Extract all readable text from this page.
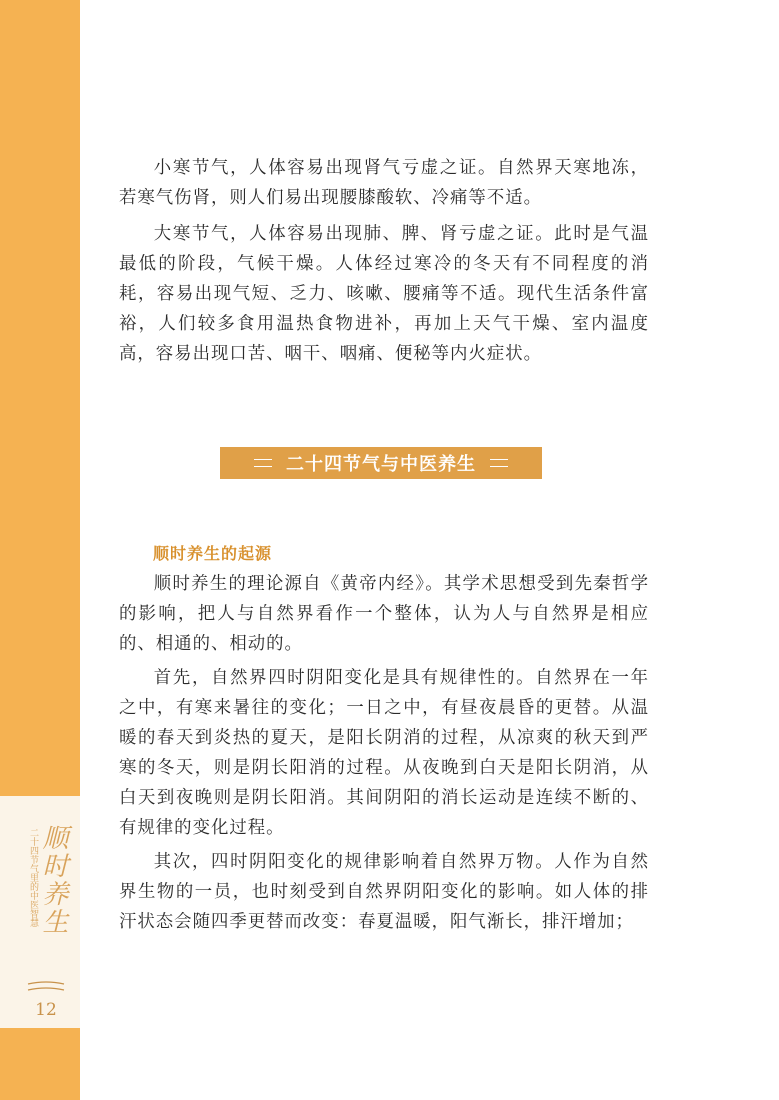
二十四节气里的中医智慧 顺时养生
12

小寒节气，人体容易出现肾气亏虚之证。自然界天寒地冻，若寒气伤肾，则人们易出现腰膝酸软、冷痛等不适。

大寒节气，人体容易出现肺、脾、肾亏虚之证。此时是气温最低的阶段，气候干燥。人体经过寒冷的冬天有不同程度的消耗，容易出现气短、乏力、咳嗽、腰痛等不适。现代生活条件富裕，人们较多食用温热食物进补，再加上天气干燥、室内温度高，容易出现口苦、咽干、咽痛、便秘等内火症状。

二十四节气与中医养生

顺时养生的起源

顺时养生的理论源自《黄帝内经》。其学术思想受到先秦哲学的影响，把人与自然界看作一个整体，认为人与自然界是相应的、相通的、相动的。

首先，自然界四时阴阳变化是具有规律性的。自然界在一年之中，有寒来暑往的变化；一日之中，有昼夜晨昏的更替。从温暖的春天到炎热的夏天，是阳长阴消的过程，从凉爽的秋天到严寒的冬天，则是阴长阳消的过程。从夜晚到白天是阳长阴消，从白天到夜晚则是阴长阳消。其间阴阳的消长运动是连续不断的、有规律的变化过程。

其次，四时阴阳变化的规律影响着自然界万物。人作为自然界生物的一员，也时刻受到自然界阴阳变化的影响。如人体的排汗状态会随四季更替而改变：春夏温暖，阳气渐长，排汗增加；
